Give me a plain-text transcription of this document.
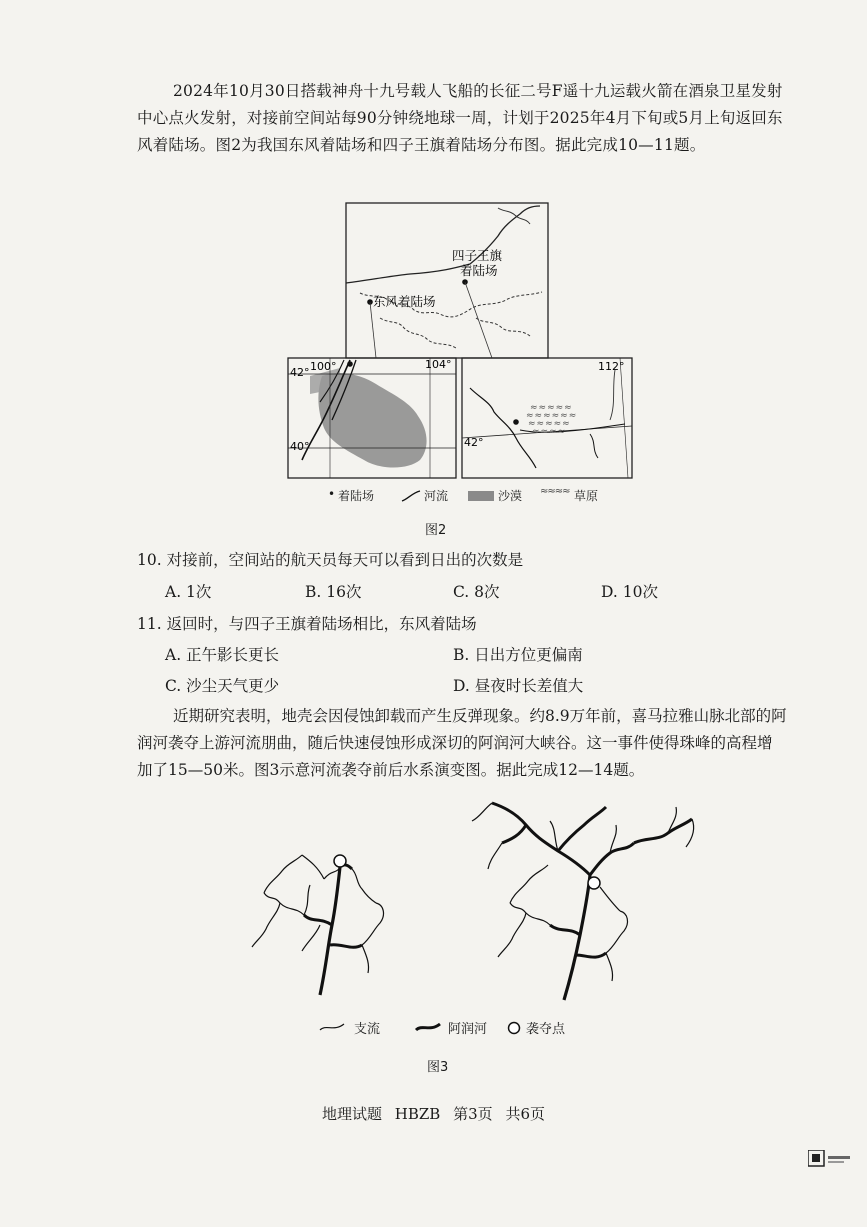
2024年10月30日搭载神舟十九号载人飞船的长征二号F遥十九运载火箭在酒泉卫星发射中心点火发射，对接前空间站每90分钟绕地球一周，计划于2025年4月下旬或5月上旬返回东风着陆场。图2为我国东风着陆场和四子王旗着陆场分布图。据此完成10—11题。
四子王旗
着陆场
东风着陆场
100°	104°
42°
40°
≈≈≈≈≈
≈≈≈≈≈≈
≈≈≈≈≈
≈≈≈≈
112°
42°
• 着陆场	河流	沙漠 ≈≈≈≈ 草原
图2
10. 对接前，空间站的航天员每天可以看到日出的次数是
A. 1次	B. 16次	C. 8次	D. 10次
11. 返回时，与四子王旗着陆场相比，东风着陆场
A. 正午影长更长	B. 日出方位更偏南
C. 沙尘天气更少	D. 昼夜时长差值大
近期研究表明，地壳会因侵蚀卸载而产生反弹现象。约8.9万年前，喜马拉雅山脉北部的阿润河袭夺上游河流朋曲，随后快速侵蚀形成深切的阿润河大峡谷。这一事件使得珠峰的高程增加了15—50米。图3示意河流袭夺前后水系演变图。据此完成12—14题。
支流	阿润河	袭夺点
图3
地理试题 HBZB 第3页 共6页
